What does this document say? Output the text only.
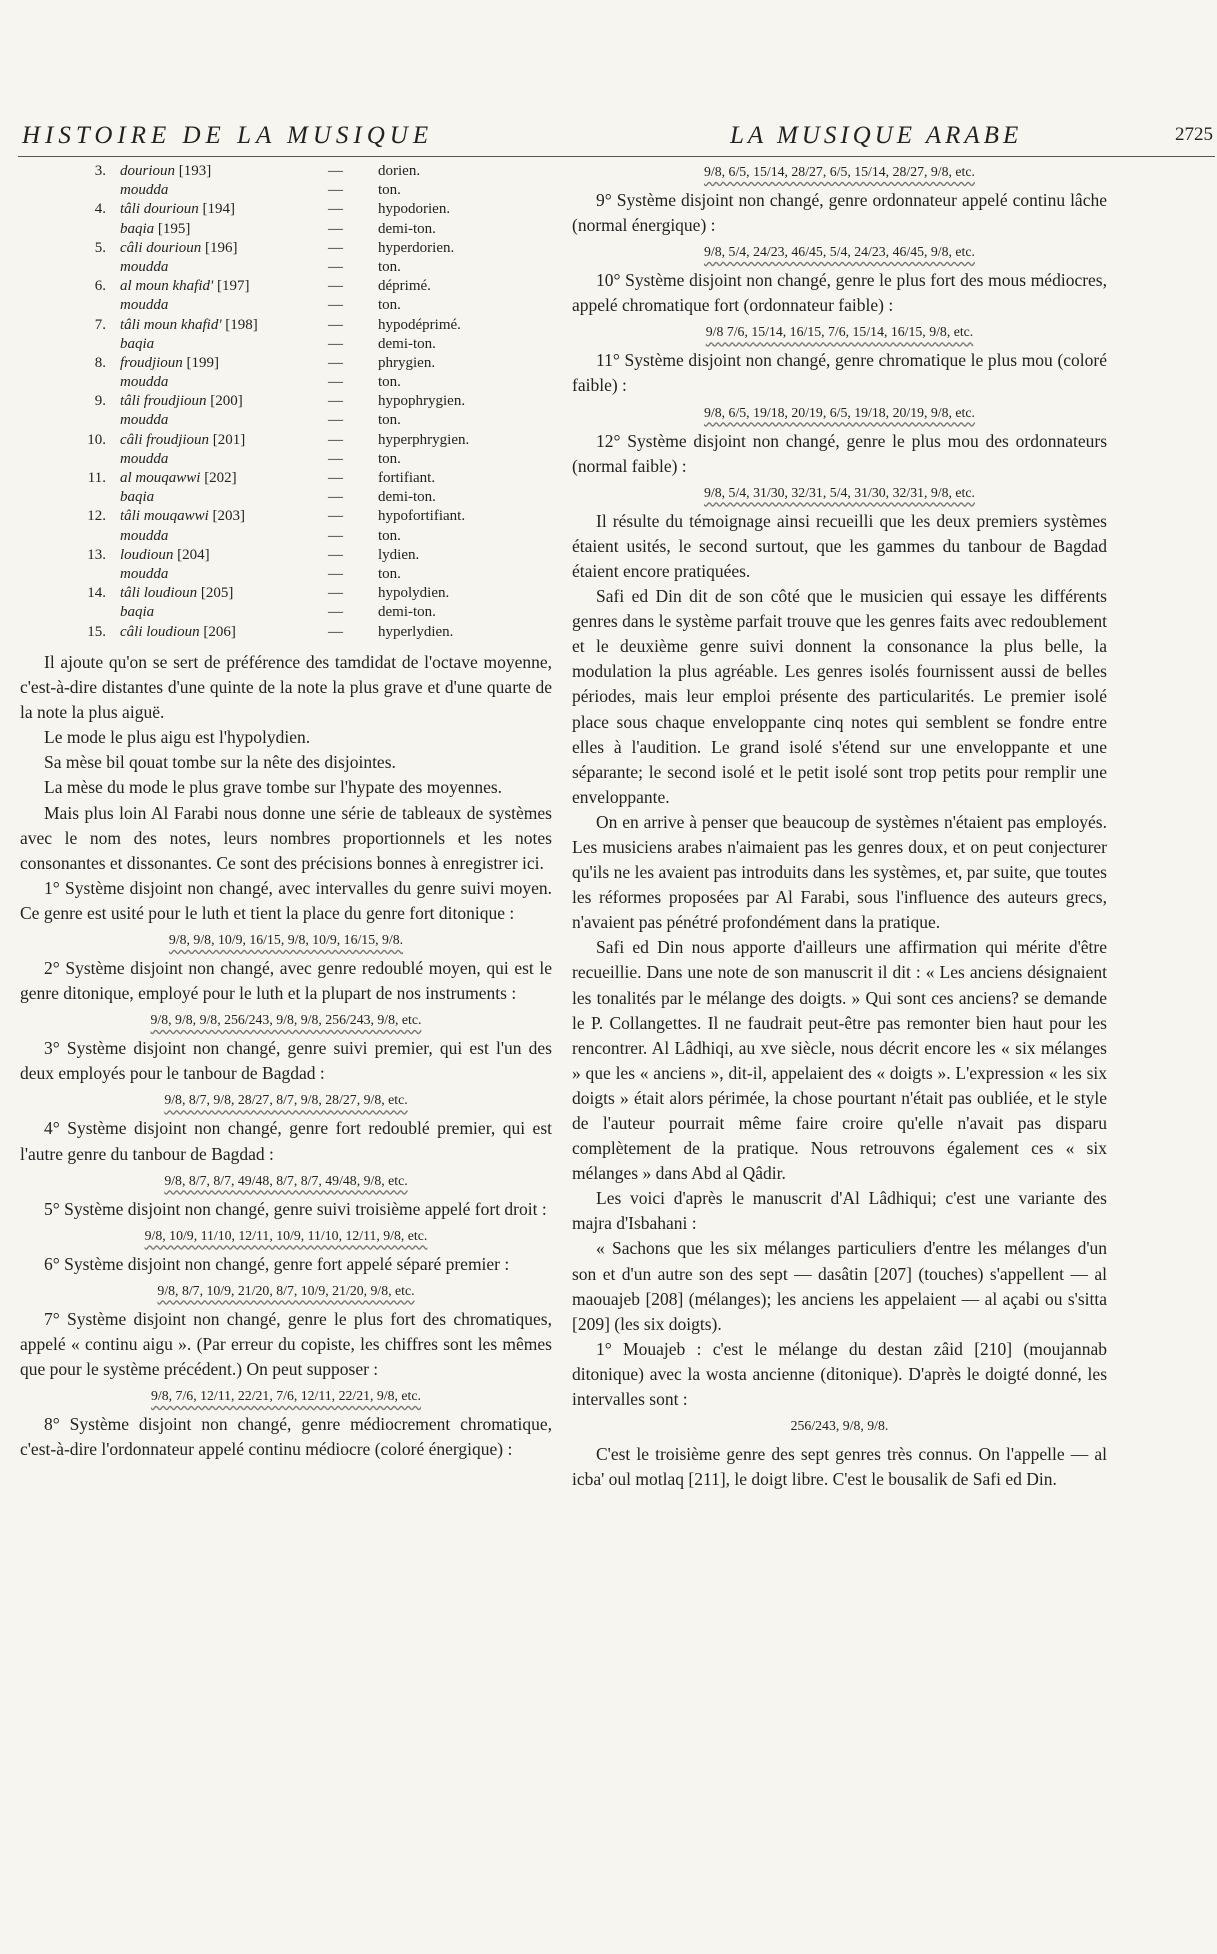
HISTOIRE DE LA MUSIQUE	LA MUSIQUE ARABE	2725
3. dourioun [193]	— dorien.
moudda	— ton.
4. tâli dourioun [194]	— hypodorien.
baqia [195]	— demi-ton.
5. câli dourioun [196]	— hyperdorien.
moudda	— ton.
6. al moun khafid' [197]	— déprimé.
moudda	— ton.
7. tâli moun khafid' [198]	— hypodéprimé.
baqia	— demi-ton.
8. froudjioun [199]	— phrygien.
moudda	— ton.
9. tâli froudjioun [200]	— hypophrygien.
moudda	— ton.
10. câli froudjioun [201]	— hyperphrygien.
moudda	— ton.
11. al mouqawwi [202]	— fortifiant.
baqia	— demi-ton.
12. tâli mouqawwi [203]	— hypofortifiant.
moudda	— ton.
13. loudioun [204]	— lydien.
moudda	— ton.
14. tâli loudioun [205]	— hypolydien.
baqia	— demi-ton.
15. câli loudioun [206]	— hyperlydien.

Il ajoute qu'on se sert de préférence des tamdidat de l'octave moyenne, c'est-à-dire distantes d'une quinte de la note la plus grave et d'une quarte de la note la plus aiguë.

Le mode le plus aigu est l'hypolydien.

Sa mèse bil qouat tombe sur la nête des disjointes.

La mèse du mode le plus grave tombe sur l'hypate des moyennes.

Mais plus loin Al Farabi nous donne une série de tableaux de systèmes avec le nom des notes, leurs nombres proportionnels et les notes consonantes et dissonantes. Ce sont des précisions bonnes à enregistrer ici.

1° Système disjoint non changé, avec intervalles du genre suivi moyen. Ce genre est usité pour le luth et tient la place du genre fort ditonique :

9/8, 9/8, 10/9, 16/15, 9/8, 10/9, 16/15, 9/8.

2° Système disjoint non changé, avec genre redoublé moyen, qui est le genre ditonique, employé pour le luth et la plupart de nos instruments :

9/8, 9/8, 9/8, 256/243, 9/8, 9/8, 256/243, 9/8, etc.

3° Système disjoint non changé, genre suivi premier, qui est l'un des deux employés pour le tanbour de Bagdad :

9/8, 8/7, 9/8, 28/27, 8/7, 9/8, 28/27, 9/8, etc.

4° Système disjoint non changé, genre fort redoublé premier, qui est l'autre genre du tanbour de Bagdad :

9/8, 8/7, 8/7, 49/48, 8/7, 8/7, 49/48, 9/8, etc.

5° Système disjoint non changé, genre suivi troisième appelé fort droit :

9/8, 10/9, 11/10, 12/11, 10/9, 11/10, 12/11, 9/8, etc.

6° Système disjoint non changé, genre fort appelé séparé premier :

9/8, 8/7, 10/9, 21/20, 8/7, 10/9, 21/20, 9/8, etc.

7° Système disjoint non changé, genre le plus fort des chromatiques, appelé « continu aigu ». (Par erreur du copiste, les chiffres sont les mêmes que pour le système précédent.) On peut supposer :

9/8, 7/6, 12/11, 22/21, 7/6, 12/11, 22/21, 9/8, etc.

8° Système disjoint non changé, genre médiocrement chromatique, c'est-à-dire l'ordonnateur appelé continu médiocre (coloré énergique) :

9/8, 6/5, 15/14, 28/27, 6/5, 15/14, 28/27, 9/8, etc.

9° Système disjoint non changé, genre ordonnateur appelé continu lâche (normal énergique) :

9/8, 5/4, 24/23, 46/45, 5/4, 24/23, 46/45, 9/8, etc.

10° Système disjoint non changé, genre le plus fort des mous médiocres, appelé chromatique fort (ordonnateur faible) :

9/8 7/6, 15/14, 16/15, 7/6, 15/14, 16/15, 9/8, etc.

11° Système disjoint non changé, genre chromatique le plus mou (coloré faible) :

9/8, 6/5, 19/18, 20/19, 6/5, 19/18, 20/19, 9/8, etc.

12° Système disjoint non changé, genre le plus mou des ordonnateurs (normal faible) :

9/8, 5/4, 31/30, 32/31, 5/4, 31/30, 32/31, 9/8, etc.

Il résulte du témoignage ainsi recueilli que les deux premiers systèmes étaient usités, le second surtout, que les gammes du tanbour de Bagdad étaient encore pratiquées.

Safi ed Din dit de son côté que le musicien qui essaye les différents genres dans le système parfait trouve que les genres faits avec redoublement et le deuxième genre suivi donnent la consonance la plus belle, la modulation la plus agréable. Les genres isolés fournissent aussi de belles périodes, mais leur emploi présente des particularités. Le premier isolé place sous chaque enveloppante cinq notes qui semblent se fondre entre elles à l'audition. Le grand isolé s'étend sur une enveloppante et une séparante; le second isolé et le petit isolé sont trop petits pour remplir une enveloppante.

On en arrive à penser que beaucoup de systèmes n'étaient pas employés. Les musiciens arabes n'aimaient pas les genres doux, et on peut conjecturer qu'ils ne les avaient pas introduits dans les systèmes, et, par suite, que toutes les réformes proposées par Al Farabi, sous l'influence des auteurs grecs, n'avaient pas pénétré profondément dans la pratique.

Safi ed Din nous apporte d'ailleurs une affirmation qui mérite d'être recueillie. Dans une note de son manuscrit il dit : « Les anciens désignaient les tonalités par le mélange des doigts. » Qui sont ces anciens? se demande le P. Collangettes. Il ne faudrait peut-être pas remonter bien haut pour les rencontrer. Al Lâdhiqi, au xve siècle, nous décrit encore les « six mélanges » que les « anciens », dit-il, appelaient des « doigts ». L'expression « les six doigts » était alors périmée, la chose pourtant n'était pas oubliée, et le style de l'auteur pourrait même faire croire qu'elle n'avait pas disparu complètement de la pratique. Nous retrouvons également ces « six mélanges » dans Abd al Qâdir.

Les voici d'après le manuscrit d'Al Lâdhiqui; c'est une variante des majra d'Isbahani :

« Sachons que les six mélanges particuliers d'entre les mélanges d'un son et d'un autre son des sept — dasâtin [207] (touches) s'appellent — al maouajeb [208] (mélanges); les anciens les appelaient — al açabi ou s'sitta [209] (les six doigts).

1° Mouajeb : c'est le mélange du destan zâid [210] (moujannab ditonique) avec la wosta ancienne (ditonique). D'après le doigté donné, les intervalles sont :

256/243, 9/8, 9/8.

C'est le troisième genre des sept genres très connus. On l'appelle — al icba' oul motlaq [211], le doigt libre. C'est le bousalik de Safi ed Din.
